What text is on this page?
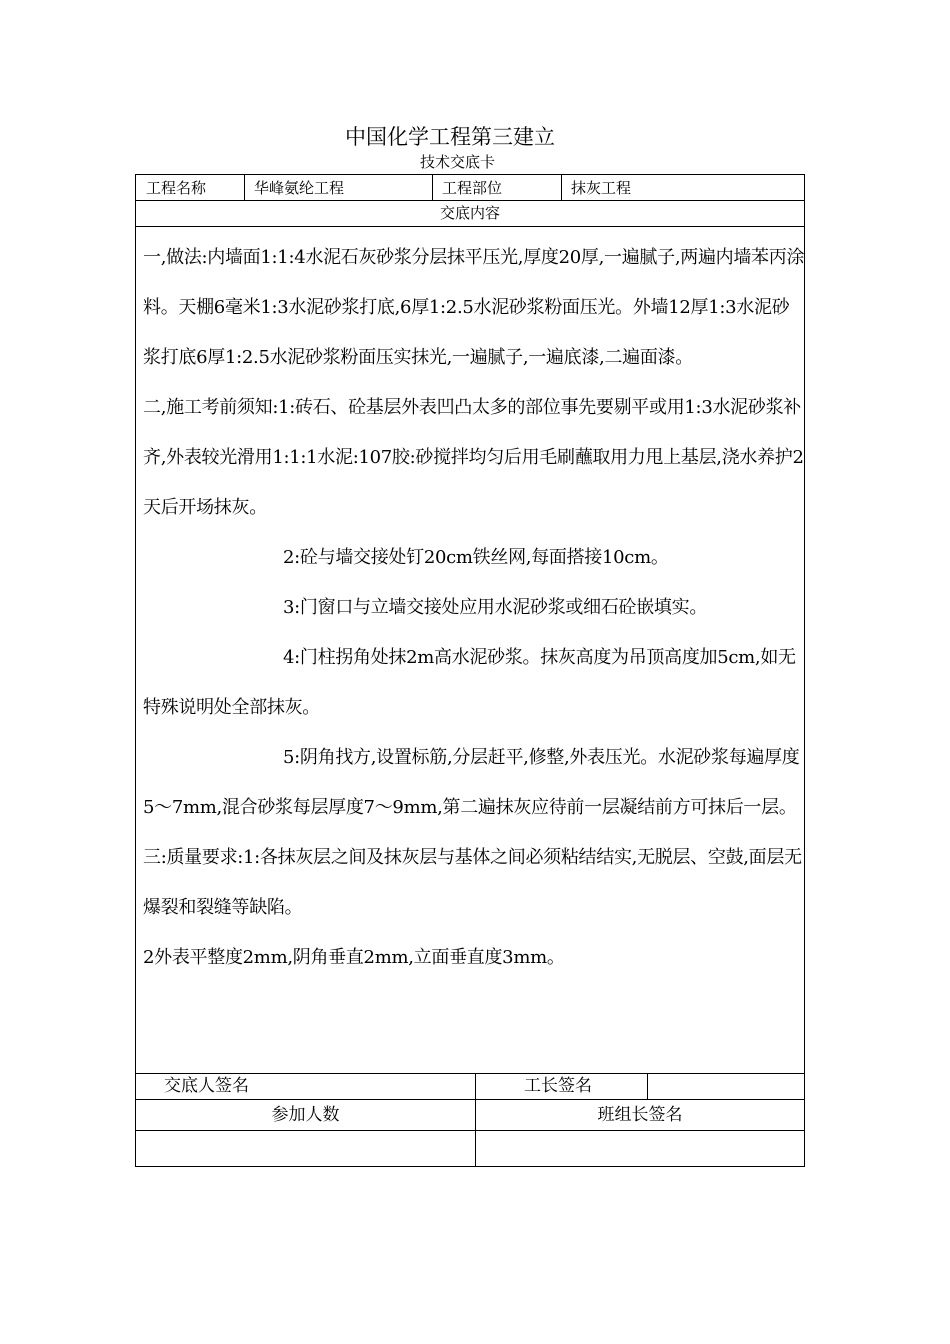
中国化学工程第三建立
技术交底卡
工程名称	华峰氨纶工程	工程部位	抹灰工程
交底内容
交底人签名	工长签名
参加人数	班组长签名

一,做法:内墙面1:1:4水泥石灰砂浆分层抹平压光,厚度20厚,一遍腻子,两遍内墙苯丙涂料。天棚6毫米1:3水泥砂浆打底,6厚1:2.5水泥砂浆粉面压光。外墙12厚1:3水泥砂浆打底6厚1:2.5水泥砂浆粉面压实抹光,一遍腻子,一遍底漆,二遍面漆。

二,施工考前须知:1:砖石、砼基层外表凹凸太多的部位事先要剔平或用1:3水泥砂浆补齐,外表较光滑用1:1:1水泥:107胶:砂搅拌均匀后用毛刷蘸取用力甩上基层,浇水养护2天后开场抹灰。

2:砼与墙交接处钉20cm铁丝网,每面搭接10cm。

3:门窗口与立墙交接处应用水泥砂浆或细石砼嵌填实。

4:门柱拐角处抹2m高水泥砂浆。抹灰高度为吊顶高度加5cm,如无特殊说明处全部抹灰。

5:阴角找方,设置标筋,分层赶平,修整,外表压光。水泥砂浆每遍厚度5～7mm,混合砂浆每层厚度7～9mm,第二遍抹灰应待前一层凝结前方可抹后一层。

三:质量要求:1:各抹灰层之间及抹灰层与基体之间必须粘结结实,无脱层、空鼓,面层无爆裂和裂缝等缺陷。

2外表平整度2mm,阴角垂直2mm,立面垂直度3mm。
